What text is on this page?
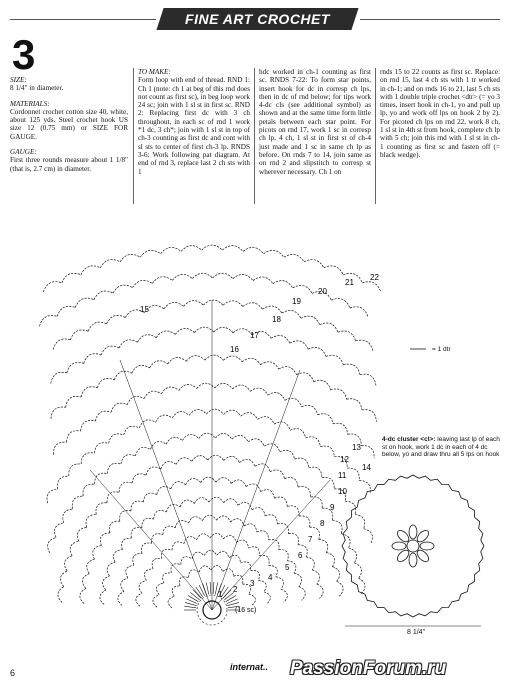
FINE ART CROCHET
3
SIZE:
8 1/4" in diameter.
MATERIALS:
Cordonnet crochet cotton size 40, white, about 125 yds. Steel crochet hook US size 12 (0.75 mm) or SIZE FOR GAUGE.
GAUGE:
First three rounds measure about 1 1/8" (that is, 2.7 cm) in diameter.
TO MAKE:
Form loop with end of thread. RND 1: Ch 1 (note: ch 1 at beg of this rnd does not count as first sc), in beg loop work 24 sc; join with 1 sl st in first sc. RND 2: Replacing first dc with 3 ch throughout, in each sc of rnd 1 work *1 dc, 3 ch*; join with 1 sl st in top of ch-3 counting as first dc and cont with sl sts to center of first ch-3 lp. RNDS 3-6: Work following pat diagram. At end of rnd 3, replace last 2 ch sts with 1
hdc worked in ch-1 counting as first sc. RNDS 7-22: To form star points, insert hook for dc in corresp ch lps, then in dc of rnd below; for tips work 4-dc cls (see additional symbol) as shown and at the same time form little petals between each star point. For picots on rnd 17, work 1 sc in corresp ch lp, 4 ch, 1 sl st in first st of ch-4 just made and 1 sc in same ch lp as before. On rnds 7 to 14, join same as on rnd 2 and slipstitch to corresp st wherever necessary. Ch 1 on
rnds 15 to 22 counts as first sc. Replace: on rnd 15, last 4 ch sts with 1 tr worked in ch-1; and on rnds 16 to 21, last 5 ch sts with 1 double triple crochet <dtr> (= yo 3 times, insert hook in ch-1, yo and pull up lp, yo and work off lps on hook 2 by 2). For picoted ch lps on rnd 22, work 8 ch, 1 sl st in 4th st from hook, complete ch lp with 5 ch; join this rnd with 1 sl st in ch-1 counting as first sc and fasten off (= black wedge).
1
2
3
4
5
6
7
8
9
10
11
12
13
14
15
16
17
18
19
20
21
22
(16 sc)
= 1 dtr
4-dc cluster <cl>: leaving last lp of each st on hook, work 1 dc in each of 4 dc below, yo and draw thru all 5 lps on hook
8 1/4"
6
internat.. PassionForum.ru
